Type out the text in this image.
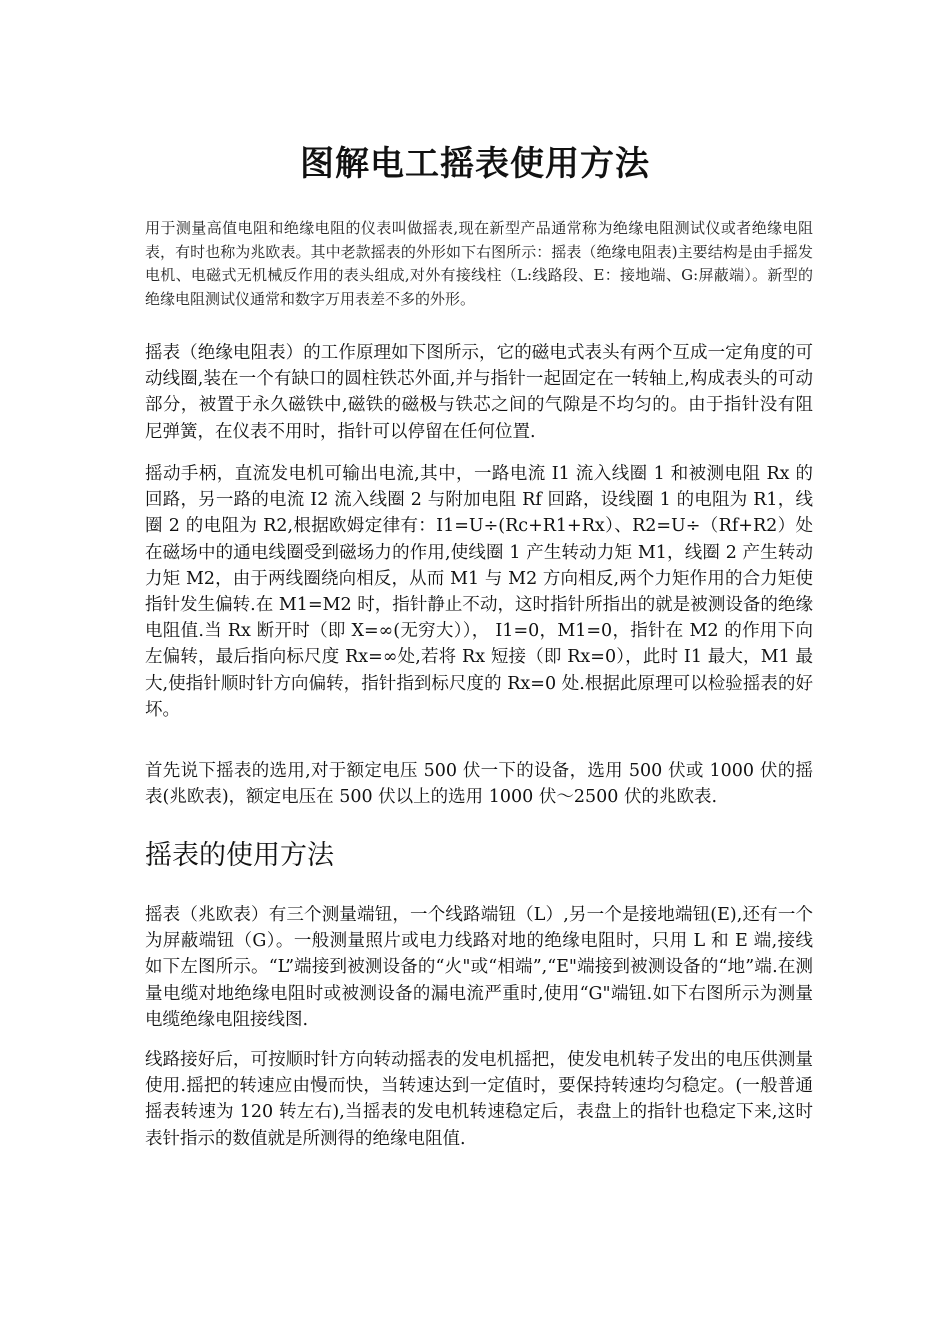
图解电工摇表使用方法

用于测量高值电阻和绝缘电阻的仪表叫做摇表,现在新型产品通常称为绝缘电阻测试仪或者绝缘电阻表，有时也称为兆欧表。其中老款摇表的外形如下右图所示：摇表（绝缘电阻表)主要结构是由手摇发电机、电磁式无机械反作用的表头组成,对外有接线柱（L:线路段、E：接地端、G:屏蔽端）。新型的绝缘电阻测试仪通常和数字万用表差不多的外形。

摇表（绝缘电阻表）的工作原理如下图所示，它的磁电式表头有两个互成一定角度的可动线圈,装在一个有缺口的圆柱铁芯外面,并与指针一起固定在一转轴上,构成表头的可动部分，被置于永久磁铁中,磁铁的磁极与铁芯之间的气隙是不均匀的。由于指针没有阻尼弹簧，在仪表不用时，指针可以停留在任何位置.

摇动手柄，直流发电机可输出电流,其中，一路电流 I1 流入线圈 1 和被测电阻 Rx 的回路，另一路的电流 I2 流入线圈 2 与附加电阻 Rf 回路，设线圈 1 的电阻为 R1，线圈 2 的电阻为 R2,根据欧姆定律有：I1=U÷(Rc+R1+Rx）、R2=U÷（Rf+R2）处在磁场中的通电线圈受到磁场力的作用,使线圈 1 产生转动力矩 M1，线圈 2 产生转动力矩 M2，由于两线圈绕向相反，从而 M1 与 M2 方向相反,两个力矩作用的合力矩使指针发生偏转.在 M1=M2 时，指针静止不动，这时指针所指出的就是被测设备的绝缘电阻值.当 Rx 断开时（即 X=∞(无穷大））， I1=0，M1=0，指针在 M2 的作用下向左偏转，最后指向标尺度 Rx=∞处,若将 Rx 短接（即 Rx=0），此时 I1 最大，M1 最大,使指针顺时针方向偏转，指针指到标尺度的 Rx=0 处.根据此原理可以检验摇表的好坏。

首先说下摇表的选用,对于额定电压 500 伏一下的设备，选用 500 伏或 1000 伏的摇表(兆欧表)，额定电压在 500 伏以上的选用 1000 伏～2500 伏的兆欧表.

摇表的使用方法

摇表（兆欧表）有三个测量端钮，一个线路端钮（L）,另一个是接地端钮(E),还有一个为屏蔽端钮（G）。一般测量照片或电力线路对地的绝缘电阻时，只用 L 和 E 端,接线如下左图所示。“L”端接到被测设备的“火"或“相端”,“E"端接到被测设备的“地”端.在测量电缆对地绝缘电阻时或被测设备的漏电流严重时,使用“G"端钮.如下右图所示为测量电缆绝缘电阻接线图.

线路接好后，可按顺时针方向转动摇表的发电机摇把，使发电机转子发出的电压供测量使用.摇把的转速应由慢而快，当转速达到一定值时，要保持转速均匀稳定。(一般普通摇表转速为 120 转左右),当摇表的发电机转速稳定后，表盘上的指针也稳定下来,这时表针指示的数值就是所测得的绝缘电阻值.
